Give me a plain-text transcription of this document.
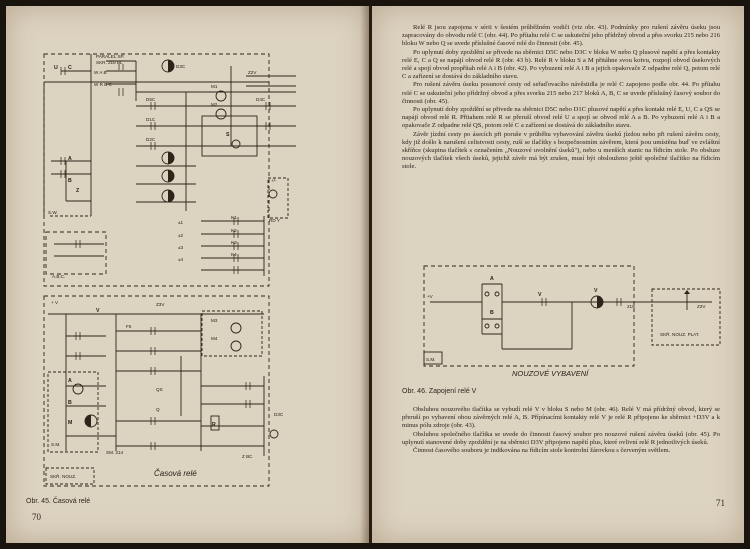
PARALEL SP.
SKR. 216 BL
W A B
W R B C
C
U
S
D3C
M1
M2
D5C
D1C
D2C
D4C
Z2V
K1
K2
K3
K4
±1
±2
±3
±4
+/-
RD Y
A.B.C.
S.W.
A
B
Z
+ V
V
Z3V
M3
M4
F5
A
B
M
S.M.
SKŘ. NOUZ.
QS
Q
R
D3C
Z BC
SM. 214
Časová relé
Obr. 45. Časová relé
70

Relé R jsou zapojena v sérii v šestém průběžném vodiči (viz obr. 43). Podmínky pro rušení závěru úseku jsou zapracovány do obvodu relé C (obr. 44). Po přítahu relé C se uskuteční jeho přídržný obvod a přes svorku 215 nebo 216 bloku W nebo Q se uvede příslušné časové relé do činnosti (obr. 45).

Po uplynutí doby zpoždění se přivede na sběrnici D5C nebo D3C v bloku W nebo Q plusové napětí a přes kontakty relé E, C a Q se napájí obvod relé R (obr. 43 b). Relé R v bloku S a M přitáhne svou kotvu, rozpojí obvod úsekových relé a spojí obvod propřítah relé A i B (obr. 42). Po vybuzení relé A i B a jejich opakovače Z odpadne relé Q, potom relé C a zařízení se dostává do základního stavu.

Pro rušení závěru úseku posunové cesty od seřaďovacího návěstidla je relé C zapojeno podle obr. 44. Po přítahu relé C se uskuteční jeho přídržný obvod a přes svorku 215 nebo 217 bloků A, B, C se uvede příslušný časový soubor do činnosti (obr. 45).

Po uplynutí doby zpoždění se přivede na sběrnici D5C nebo D1C plusové napětí a přes kontakt relé E, U, C a QS se napájí obvod relé R. Přitahem relé R se přeruší obvod relé U a spojí se obvod relé A a B. Po vybuzení relé A i B a opakovače Z odpadne relé QS, potom relé C a zařízení se dostává do základního stavu.

Závěr jízdní cesty po ásecích při poruše v průběhu vybavování závěru úseků jízdou nebo při rušení závěru cesty, kdy již došlo k narušení celistvosti cesty, ruší se tlačítky s bezpečnostním závěrem, která jsou umístěna buď ve zvláštní skříňce (skupina tlačítek s označením „Nouzové uvolnění úseků"), nebo u menších stanic na řídicím stole. Po obsluze nouzových tlačítek všech úseků, jejichž závěr má být zrušen, musí být obslouženo ještě společné tlačítko na řídicím stole.

+V
A
B
V
V
219	Z3V
SKŘ. NOUZ. PLAT.
S.M.
NOUZOVÉ VYBAVENÍ
Obr. 46. Zapojení relé V

Obsluhou nouzového tlačítka se vybudí relé V v bloku S nebo M (obr. 46). Relé V má přídržný obvod, který se přeruší po vybavení obou závěrných relé A, B. Přípínacími kontakty relé V je relé R připojeno ke sběrnici +D3V a k minus pólu zdroje (obr. 43).

Obsluhou společného tlačítka se uvede do činnosti časový soubor pro nouzové rušení závěru úseků (obr. 45). Po uplynutí stanovené doby zpoždění je na sběrnici D3V připojeno napětí plus, které ovlivní relé R jednotlivých úseků.

Činnost časového souboru je indikována na řídicím stole kontrolní žárovkou s červeným světlem.

71
